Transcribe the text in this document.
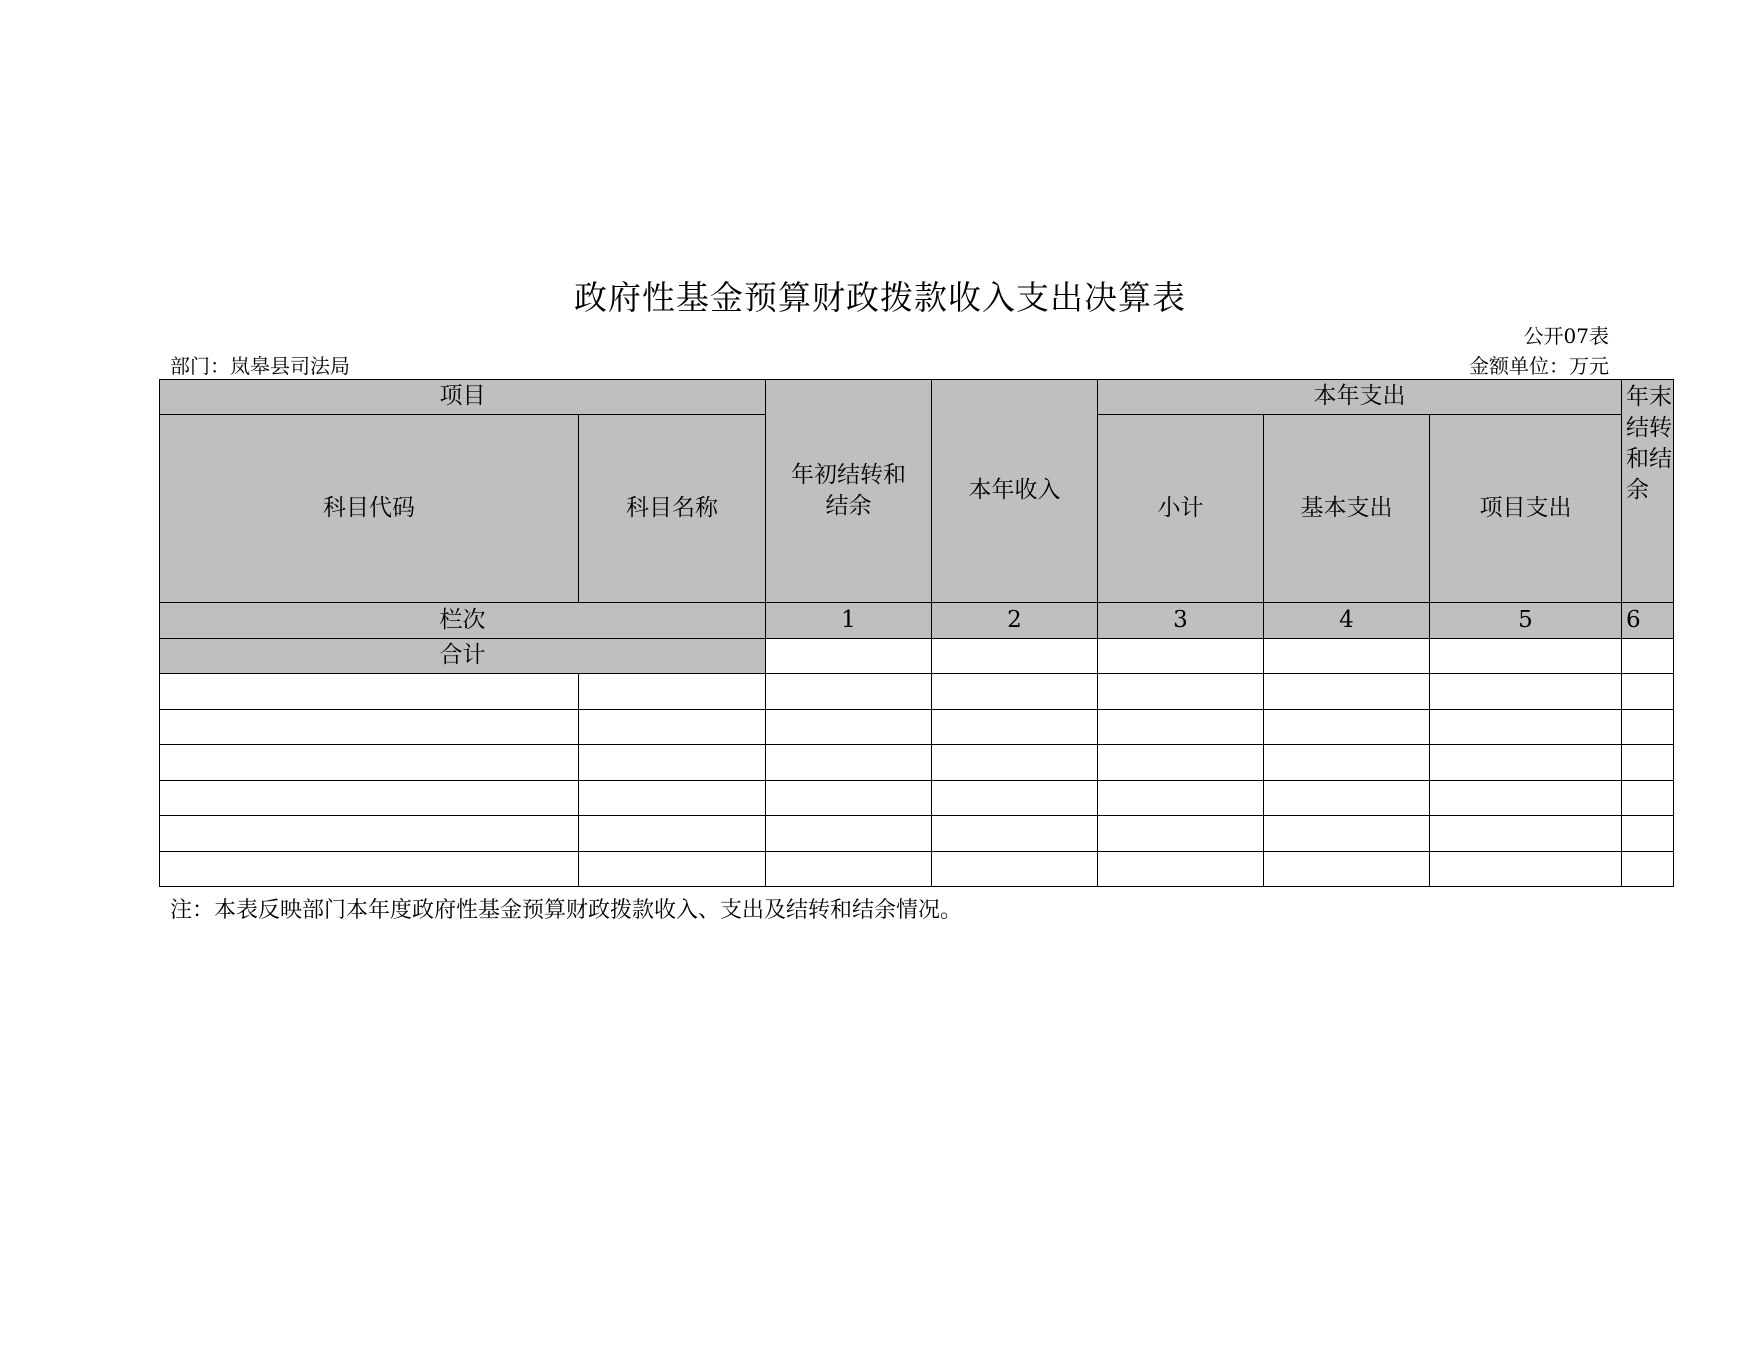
政府性基金预算财政拨款收入支出决算表
公开07表
部门：岚皋县司法局	金额单位：万元
项目		年初结转和结余	本年收入	本年支出			年末结转和结余
科目代码	科目名称			小计	基本支出	项目支出	
栏次		1	2	3	4	5	6
合计							

注：本表反映部门本年度政府性基金预算财政拨款收入、支出及结转和结余情况。
